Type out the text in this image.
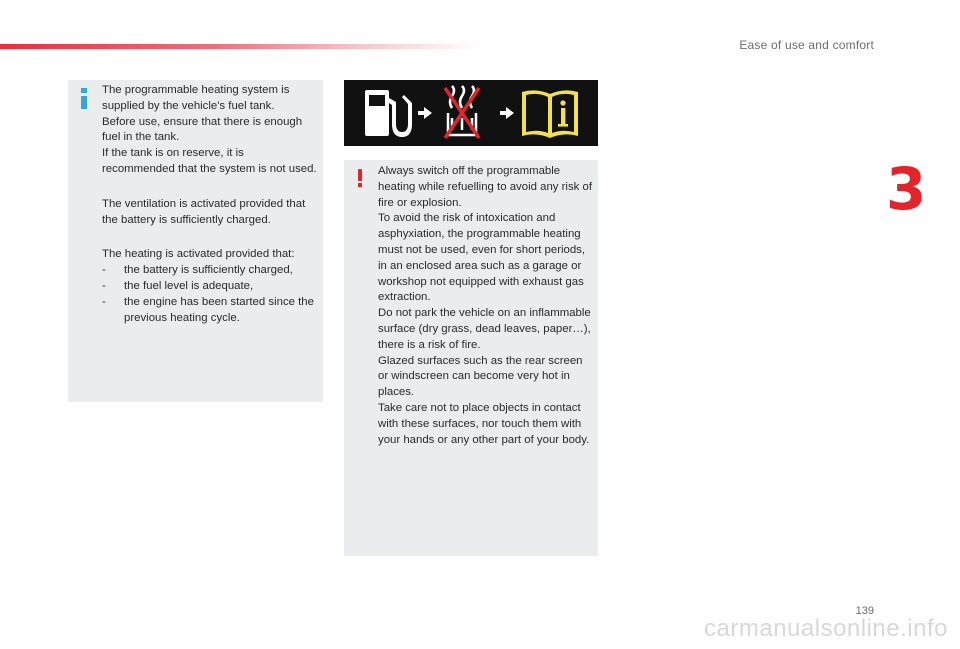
Ease of use and comfort
3

The programmable heating system is supplied by the vehicle's fuel tank.

Before use, ensure that there is enough fuel in the tank.

If the tank is on reserve, it is recommended that the system is not used.

The ventilation is activated provided that the battery is sufficiently charged.

The heating is activated provided that:

- the battery is sufficiently charged,
- the fuel level is adequate,
- the engine has been started since the previous heating cycle.

Always switch off the programmable heating while refuelling to avoid any risk of fire or explosion.

To avoid the risk of intoxication and asphyxiation, the programmable heating must not be used, even for short periods, in an enclosed area such as a garage or workshop not equipped with exhaust gas extraction.

Do not park the vehicle on an inflammable surface (dry grass, dead leaves, paper…), there is a risk of fire.

Glazed surfaces such as the rear screen or windscreen can become very hot in places.

Take care not to place objects in contact with these surfaces, nor touch them with your hands or any other part of your body.

139
carmanualsonline.info
